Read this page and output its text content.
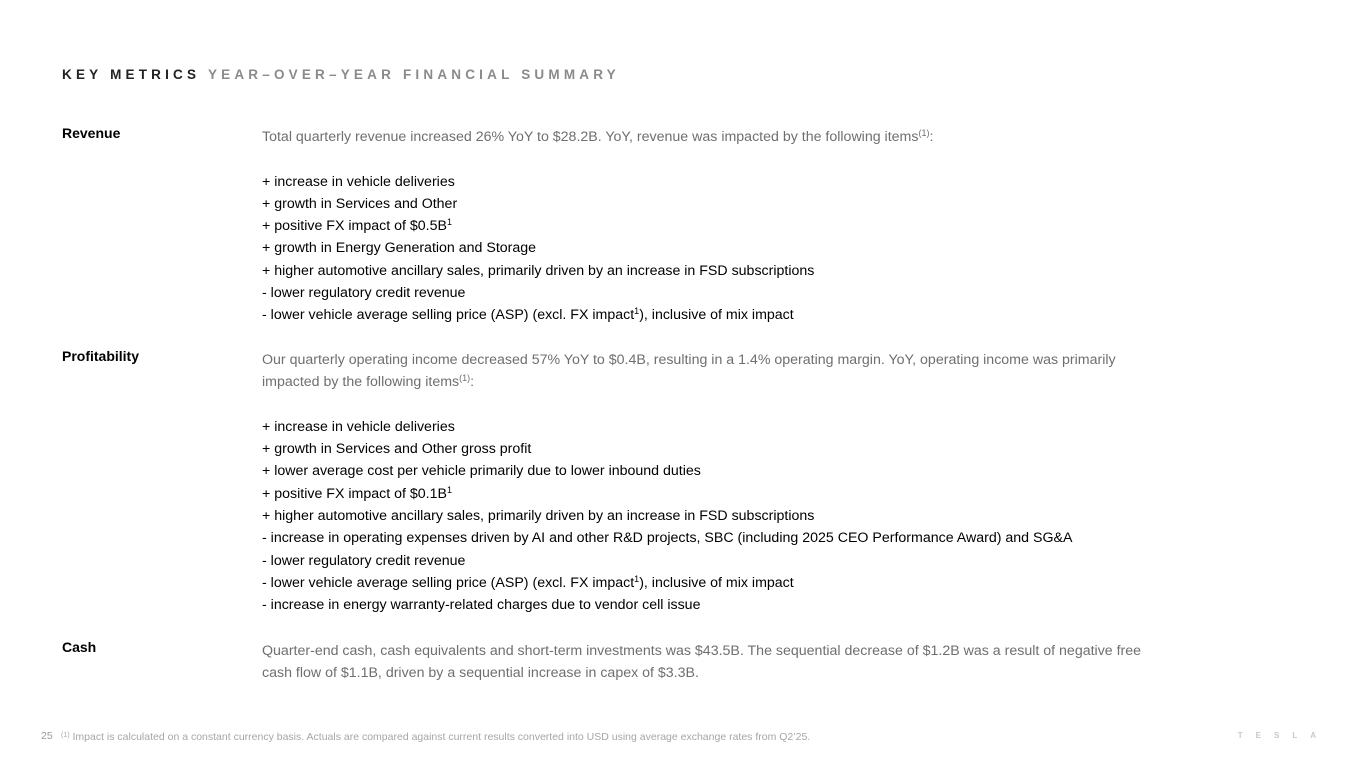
KEY METRICS YEAR–OVER–YEAR FINANCIAL SUMMARY
Revenue	Total quarterly revenue increased 26% YoY to $28.2B. YoY, revenue was impacted by the following items$^{(1)}$:

+ increase in vehicle deliveries
+ growth in Services and Other
+ positive FX impact of $\$0.5B^1$
+ growth in Energy Generation and Storage
+ higher automotive ancillary sales, primarily driven by an increase in FSD subscriptions
- lower regulatory credit revenue
- lower vehicle average selling price (ASP) (excl. FX impact$^1$), inclusive of mix impact
Profitability	Our quarterly operating income decreased 57% YoY to $0.4B, resulting in a 1.4% operating margin. YoY, operating income was primarily impacted by the following items$^{(1)}$:

+ increase in vehicle deliveries
+ growth in Services and Other gross profit
+ lower average cost per vehicle primarily due to lower inbound duties
+ positive FX impact of $\$0.1B^1$
+ higher automotive ancillary sales, primarily driven by an increase in FSD subscriptions
- increase in operating expenses driven by AI and other R&D projects, SBC (including 2025 CEO Performance Award) and SG&A
- lower regulatory credit revenue
- lower vehicle average selling price (ASP) (excl. FX impact$^1$), inclusive of mix impact
- increase in energy warranty-related charges due to vendor cell issue
Cash	Quarter-end cash, cash equivalents and short-term investments was $43.5B. The sequential decrease of $1.2B was a result of negative free cash flow of $1.1B, driven by a sequential increase in capex of $3.3B.

25 $^{(1)}$ Impact is calculated on a constant currency basis. Actuals are compared against current results converted into USD using average exchange rates from Q2’25.	TESLA
